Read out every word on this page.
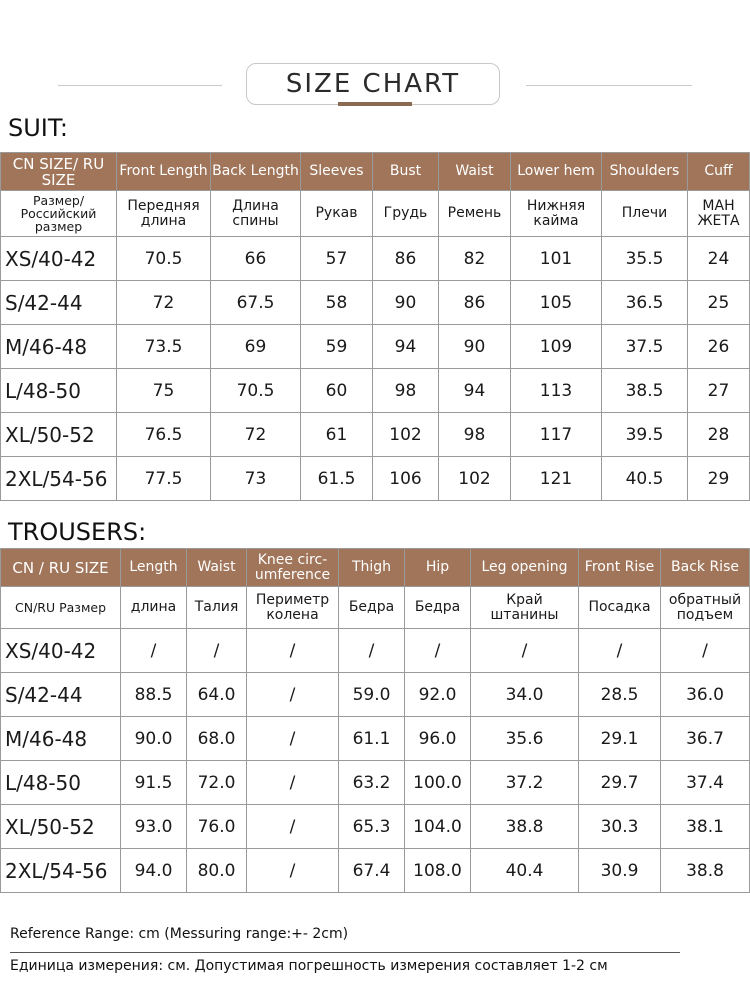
SIZE CHART
SUIT:
CN SIZE/ RU SIZE	Front Length	Back Length	Sleeves	Bust	Waist	Lower hem	Shoulders	Cuff
Размер/ Российский размер	Передняя длина	Длина спины	Рукав	Грудь	Ремень	Нижняя кайма	Плечи	МАН ЖЕТА
XS/40-42	70.5	66	57	86	82	101	35.5	24
S/42-44	72	67.5	58	90	86	105	36.5	25
M/46-48	73.5	69	59	94	90	109	37.5	26
L/48-50	75	70.5	60	98	94	113	38.5	27
XL/50-52	76.5	72	61	102	98	117	39.5	28
2XL/54-56	77.5	73	61.5	106	102	121	40.5	29
TROUSERS:
CN / RU SIZE	Length	Waist	Knee circ- umference	Thigh	Hip	Leg opening	Front Rise	Back Rise
CN/RU Размер	длина	Талия	Периметр колена	Бедра	Бедра	Край штанины	Посадка	обратный подъем
XS/40-42	/	/	/	/	/	/	/	/
S/42-44	88.5	64.0	/	59.0	92.0	34.0	28.5	36.0
M/46-48	90.0	68.0	/	61.1	96.0	35.6	29.1	36.7
L/48-50	91.5	72.0	/	63.2	100.0	37.2	29.7	37.4
XL/50-52	93.0	76.0	/	65.3	104.0	38.8	30.3	38.1
2XL/54-56	94.0	80.0	/	67.4	108.0	40.4	30.9	38.8
Reference Range: cm (Messuring range:+- 2cm)
Единица измерения: см. Допустимая погрешность измерения составляет 1-2 см
